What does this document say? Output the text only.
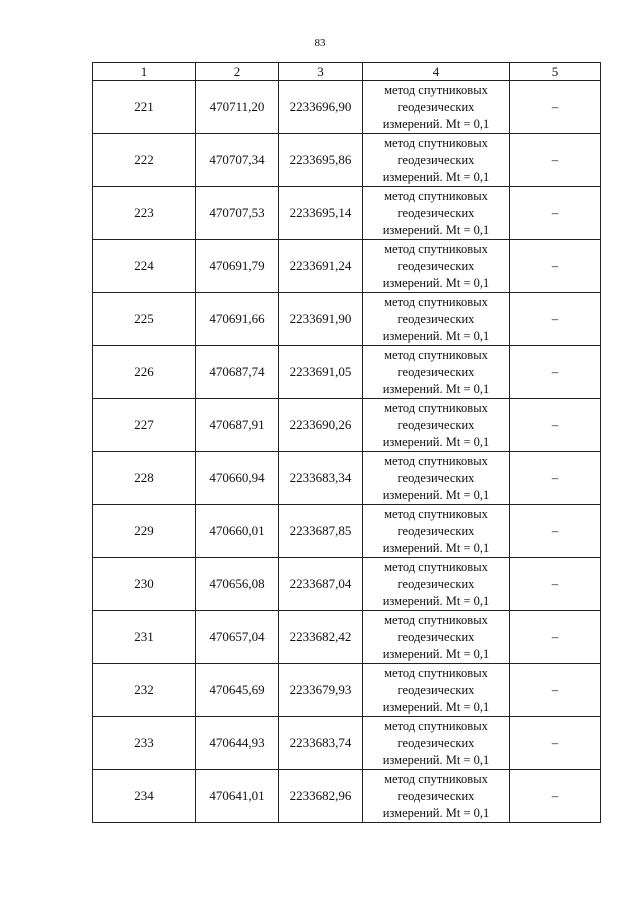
83
1	2	3	4	5
221	470711,20	2233696,90	метод спутниковых
геодезических
измерений. Mt = 0,1	–
222	470707,34	2233695,86	метод спутниковых
геодезических
измерений. Mt = 0,1	–
223	470707,53	2233695,14	метод спутниковых
геодезических
измерений. Mt = 0,1	–
224	470691,79	2233691,24	метод спутниковых
геодезических
измерений. Mt = 0,1	–
225	470691,66	2233691,90	метод спутниковых
геодезических
измерений. Mt = 0,1	–
226	470687,74	2233691,05	метод спутниковых
геодезических
измерений. Mt = 0,1	–
227	470687,91	2233690,26	метод спутниковых
геодезических
измерений. Mt = 0,1	–
228	470660,94	2233683,34	метод спутниковых
геодезических
измерений. Mt = 0,1	–
229	470660,01	2233687,85	метод спутниковых
геодезических
измерений. Mt = 0,1	–
230	470656,08	2233687,04	метод спутниковых
геодезических
измерений. Mt = 0,1	–
231	470657,04	2233682,42	метод спутниковых
геодезических
измерений. Mt = 0,1	–
232	470645,69	2233679,93	метод спутниковых
геодезических
измерений. Mt = 0,1	–
233	470644,93	2233683,74	метод спутниковых
геодезических
измерений. Mt = 0,1	–
234	470641,01	2233682,96	метод спутниковых
геодезических
измерений. Mt = 0,1	–
